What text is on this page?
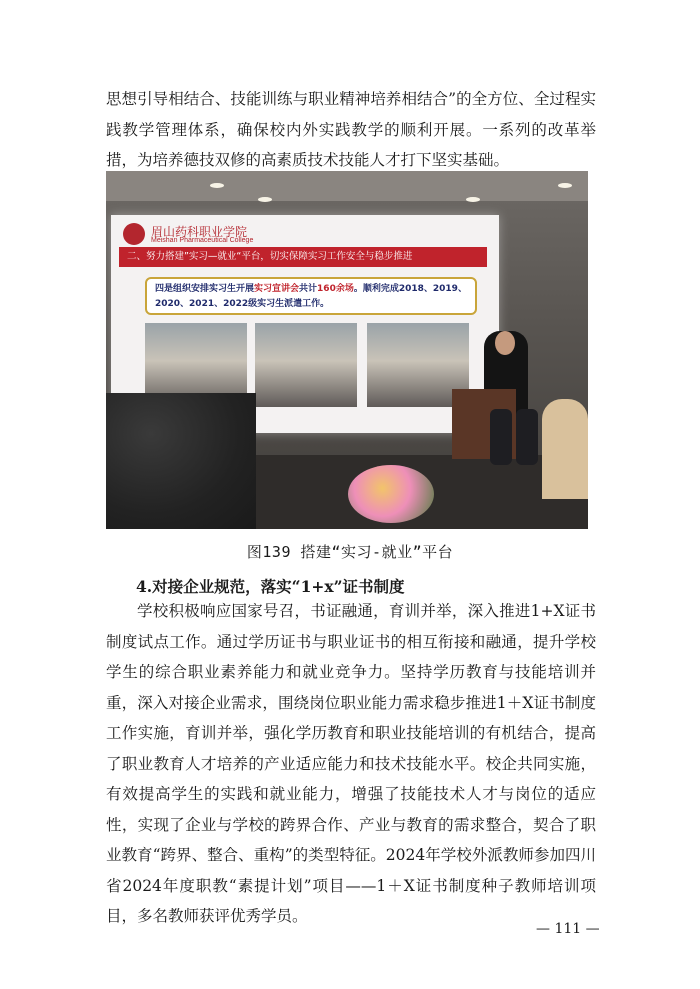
思想引导相结合、技能训练与职业精神培养相结合”的全方位、全过程实践教学管理体系，确保校内外实践教学的顺利开展。一系列的改革举措，为培养德技双修的高素质技术技能人才打下坚实基础。

眉山药科职业学院
Meishan Pharmaceutical College
二、努力搭建”实习—就业“平台，切实保障实习工作安全与稳步推进
四是组织安排实习生开展实习宣讲会共计160余场。顺利完成2018、2019、2020、2021、2022级实习生派遣工作。
图139 搭建“实习-就业”平台
4.对接企业规范，落实“1+x”证书制度

学校积极响应国家号召，书证融通，育训并举，深入推进1+X证书制度试点工作。通过学历证书与职业证书的相互衔接和融通，提升学校学生的综合职业素养能力和就业竞争力。坚持学历教育与技能培训并重，深入对接企业需求，围绕岗位职业能力需求稳步推进1＋X证书制度工作实施，育训并举，强化学历教育和职业技能培训的有机结合，提高了职业教育人才培养的产业适应能力和技术技能水平。校企共同实施，有效提高学生的实践和就业能力，增强了技能技术人才与岗位的适应性，实现了企业与学校的跨界合作、产业与教育的需求整合，契合了职业教育“跨界、整合、重构”的类型特征。2024年学校外派教师参加四川省2024年度职教“素提计划”项目——1＋X证书制度种子教师培训项目，多名教师获评优秀学员。

— 111 —
